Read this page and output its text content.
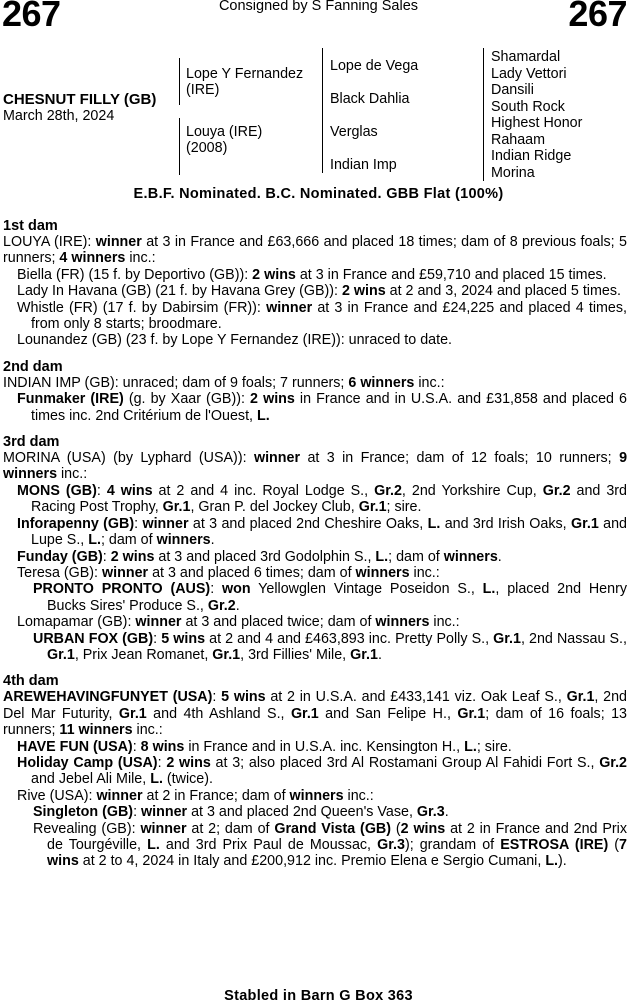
267	Consigned by S Fanning Sales	267
CHESNUT FILLY (GB)
March 28th, 2024
Lope Y Fernandez (IRE)
Louya (IRE) (2008)
Lope de Vega
Black Dahlia
Verglas
Indian Imp
Shamardal
Lady Vettori
Dansili
South Rock
Highest Honor
Rahaam
Indian Ridge
Morina
E.B.F. Nominated. B.C. Nominated. GBB Flat (100%)
1st dam
LOUYA (IRE): winner at 3 in France and £63,666 and placed 18 times; dam of 8 previous foals; 5 runners; 4 winners inc.:
Biella (FR) (15 f. by Deportivo (GB)): 2 wins at 3 in France and £59,710 and placed 15 times.
Lady In Havana (GB) (21 f. by Havana Grey (GB)): 2 wins at 2 and 3, 2024 and placed 5 times.
Whistle (FR) (17 f. by Dabirsim (FR)): winner at 3 in France and £24,225 and placed 4 times, from only 8 starts; broodmare.
Lounandez (GB) (23 f. by Lope Y Fernandez (IRE)): unraced to date.
2nd dam
INDIAN IMP (GB): unraced; dam of 9 foals; 7 runners; 6 winners inc.:
Funmaker (IRE) (g. by Xaar (GB)): 2 wins in France and in U.S.A. and £31,858 and placed 6 times inc. 2nd Critérium de l'Ouest, L.
3rd dam
MORINA (USA) (by Lyphard (USA)): winner at 3 in France; dam of 12 foals; 10 runners; 9 winners inc.:
MONS (GB): 4 wins at 2 and 4 inc. Royal Lodge S., Gr.2, 2nd Yorkshire Cup, Gr.2 and 3rd Racing Post Trophy, Gr.1, Gran P. del Jockey Club, Gr.1; sire.
Inforapenny (GB): winner at 3 and placed 2nd Cheshire Oaks, L. and 3rd Irish Oaks, Gr.1 and Lupe S., L.; dam of winners.
Funday (GB): 2 wins at 3 and placed 3rd Godolphin S., L.; dam of winners.
Teresa (GB): winner at 3 and placed 6 times; dam of winners inc.:
PRONTO PRONTO (AUS): won Yellowglen Vintage Poseidon S., L., placed 2nd Henry Bucks Sires' Produce S., Gr.2.
Lomapamar (GB): winner at 3 and placed twice; dam of winners inc.:
URBAN FOX (GB): 5 wins at 2 and 4 and £463,893 inc. Pretty Polly S., Gr.1, 2nd Nassau S., Gr.1, Prix Jean Romanet, Gr.1, 3rd Fillies' Mile, Gr.1.
4th dam
AREWEHAVINGFUNYET (USA): 5 wins at 2 in U.S.A. and £433,141 viz. Oak Leaf S., Gr.1, 2nd Del Mar Futurity, Gr.1 and 4th Ashland S., Gr.1 and San Felipe H., Gr.1; dam of 16 foals; 13 runners; 11 winners inc.:
HAVE FUN (USA): 8 wins in France and in U.S.A. inc. Kensington H., L.; sire.
Holiday Camp (USA): 2 wins at 3; also placed 3rd Al Rostamani Group Al Fahidi Fort S., Gr.2 and Jebel Ali Mile, L. (twice).
Rive (USA): winner at 2 in France; dam of winners inc.:
Singleton (GB): winner at 3 and placed 2nd Queen's Vase, Gr.3.
Revealing (GB): winner at 2; dam of Grand Vista (GB) (2 wins at 2 in France and 2nd Prix de Tourgéville, L. and 3rd Prix Paul de Moussac, Gr.3); grandam of ESTROSA (IRE) (7 wins at 2 to 4, 2024 in Italy and £200,912 inc. Premio Elena e Sergio Cumani, L.).
Stabled in Barn G Box 363
